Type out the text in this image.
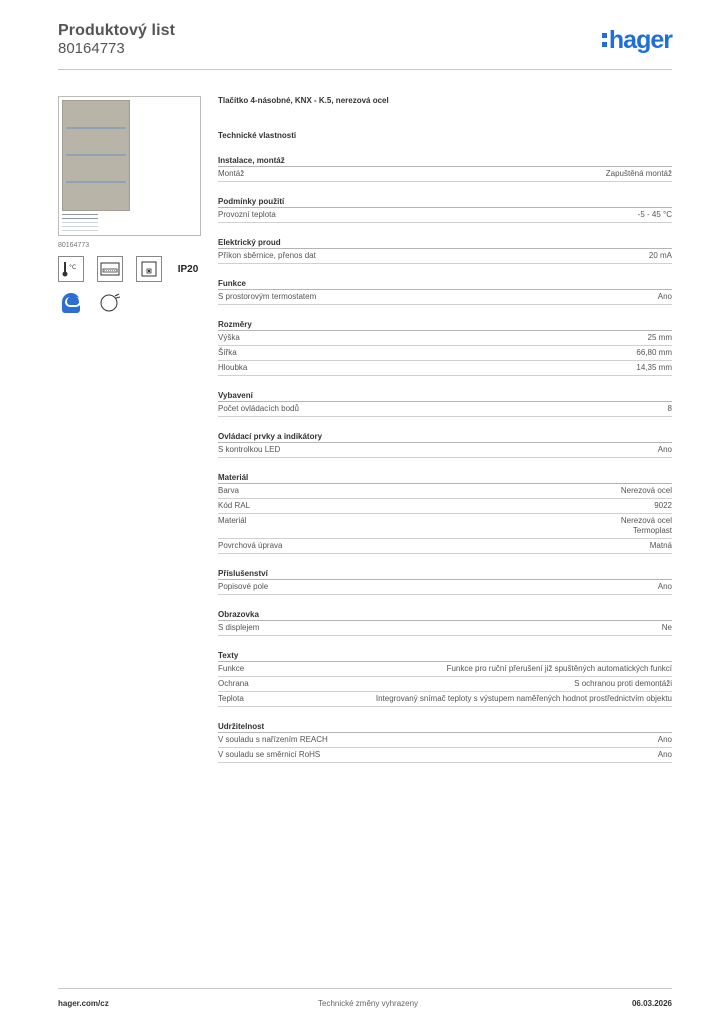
Produktový list
80164773	hager
80164773
°C	IP20
Tlačítko 4-násobné, KNX - K.5, nerezová ocel
Technické vlastnosti
Instalace, montáž
Montáž	Zapuštěná montáž
Podmínky použití
Provozní teplota	-5 - 45 °C
Elektrický proud
Příkon sběrnice, přenos dat	20 mA
Funkce
S prostorovým termostatem	Ano
Rozměry
Výška	25 mm
Šířka	66,80 mm
Hloubka	14,35 mm
Vybavení
Počet ovládacích bodů	8
Ovládací prvky a indikátory
S kontrolkou LED	Ano
Materiál
Barva	Nerezová ocel
Kód RAL	9022
Materiál	Nerezová ocel
Termoplast
Povrchová úprava	Matná
Příslušenství
Popisové pole	Ano
Obrazovka
S displejem	Ne
Texty
Funkce	Funkce pro ruční přerušení již spuštěných automatických funkcí
Ochrana	S ochranou proti demontáži
Teplota	Integrovaný snímač teploty s výstupem naměřených hodnot prostřednictvím objektu
Udržitelnost
V souladu s nařízením REACH	Ano
V souladu se směrnicí RoHS	Ano
hager.com/cz	Technické změny vyhrazeny	06.03.2026
